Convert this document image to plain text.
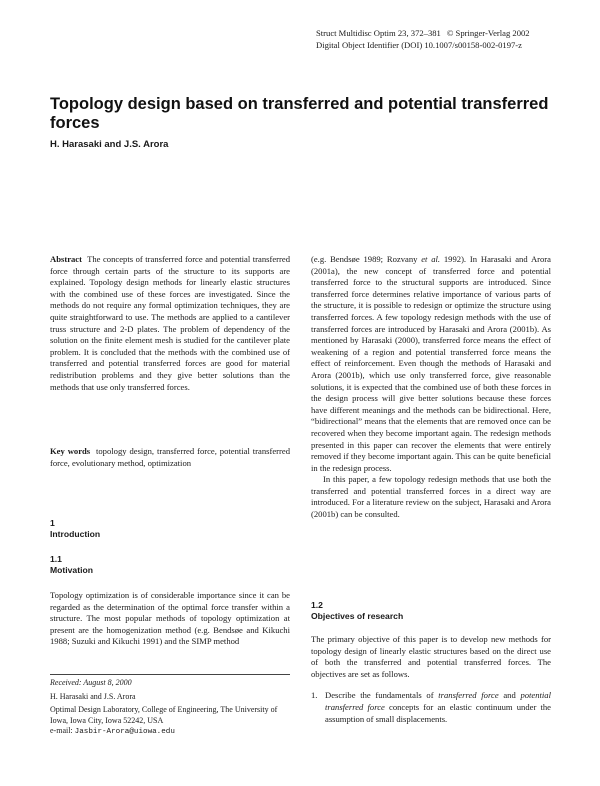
Struct Multidisc Optim 23, 372–381 © Springer-Verlag 2002
Digital Object Identifier (DOI) 10.1007/s00158-002-0197-z
Topology design based on transferred and potential transferred forces
H. Harasaki and J.S. Arora

Abstract The concepts of transferred force and potential transferred force through certain parts of the structure to its supports are explained. Topology design methods for linearly elastic structures with the combined use of these forces are investigated. Since the methods do not require any formal optimization techniques, they are quite straightforward to use. The methods are applied to a cantilever truss structure and 2-D plates. The problem of dependency of the solution on the finite element mesh is studied for the cantilever plate problem. It is concluded that the methods with the combined use of transferred and potential transferred forces are good for material redistribution problems and they give better solutions than the methods that use only transferred forces.

Key words topology design, transferred force, potential transferred force, evolutionary method, optimization

1
Introduction
1.1
Motivation

Topology optimization is of considerable importance since it can be regarded as the determination of the optimal force transfer within a structure. The most popular methods of topology optimization at present are the homogenization method (e.g. Bendsøe and Kikuchi 1988; Suzuki and Kikuchi 1991) and the SIMP method

Received: August 8, 2000
H. Harasaki and J.S. Arora
Optimal Design Laboratory, College of Engineering, The University of Iowa, Iowa City, Iowa 52242, USA
e-mail: Jasbir-Arora@uiowa.edu

(e.g. Bendsøe 1989; Rozvany et al. 1992). In Harasaki and Arora (2001a), the new concept of transferred force and potential transferred force to the structural supports are introduced. Since transferred force determines relative importance of various parts of the structure, it is possible to redesign or optimize the structure using transferred forces. A few topology redesign methods with the use of transferred forces are introduced by Harasaki and Arora (2001b). As mentioned by Harasaki (2000), transferred force means the effect of weakening of a region and potential transferred force means the effect of reinforcement. Even though the methods of Harasaki and Arora (2001b), which use only transferred force, give reasonable solutions, it is expected that the combined use of both these forces in the design process will give better solutions because these forces have different meanings and the methods can be bidirectional. Here, “bidirectional” means that the elements that are removed once can be recovered when they become important again. The redesign methods presented in this paper can recover the elements that were entirely removed if they become important again. This can be quite beneficial in the redesign process.

In this paper, a few topology redesign methods that use both the transferred and potential transferred forces in a direct way are introduced. For a literature review on the subject, Harasaki and Arora (2001b) can be consulted.

1.2
Objectives of research

The primary objective of this paper is to develop new methods for topology design of linearly elastic structures based on the direct use of both the transferred and potential transferred forces. The objectives are set as follows.

1. Describe the fundamentals of transferred force and potential transferred force concepts for an elastic continuum under the assumption of small displacements.
